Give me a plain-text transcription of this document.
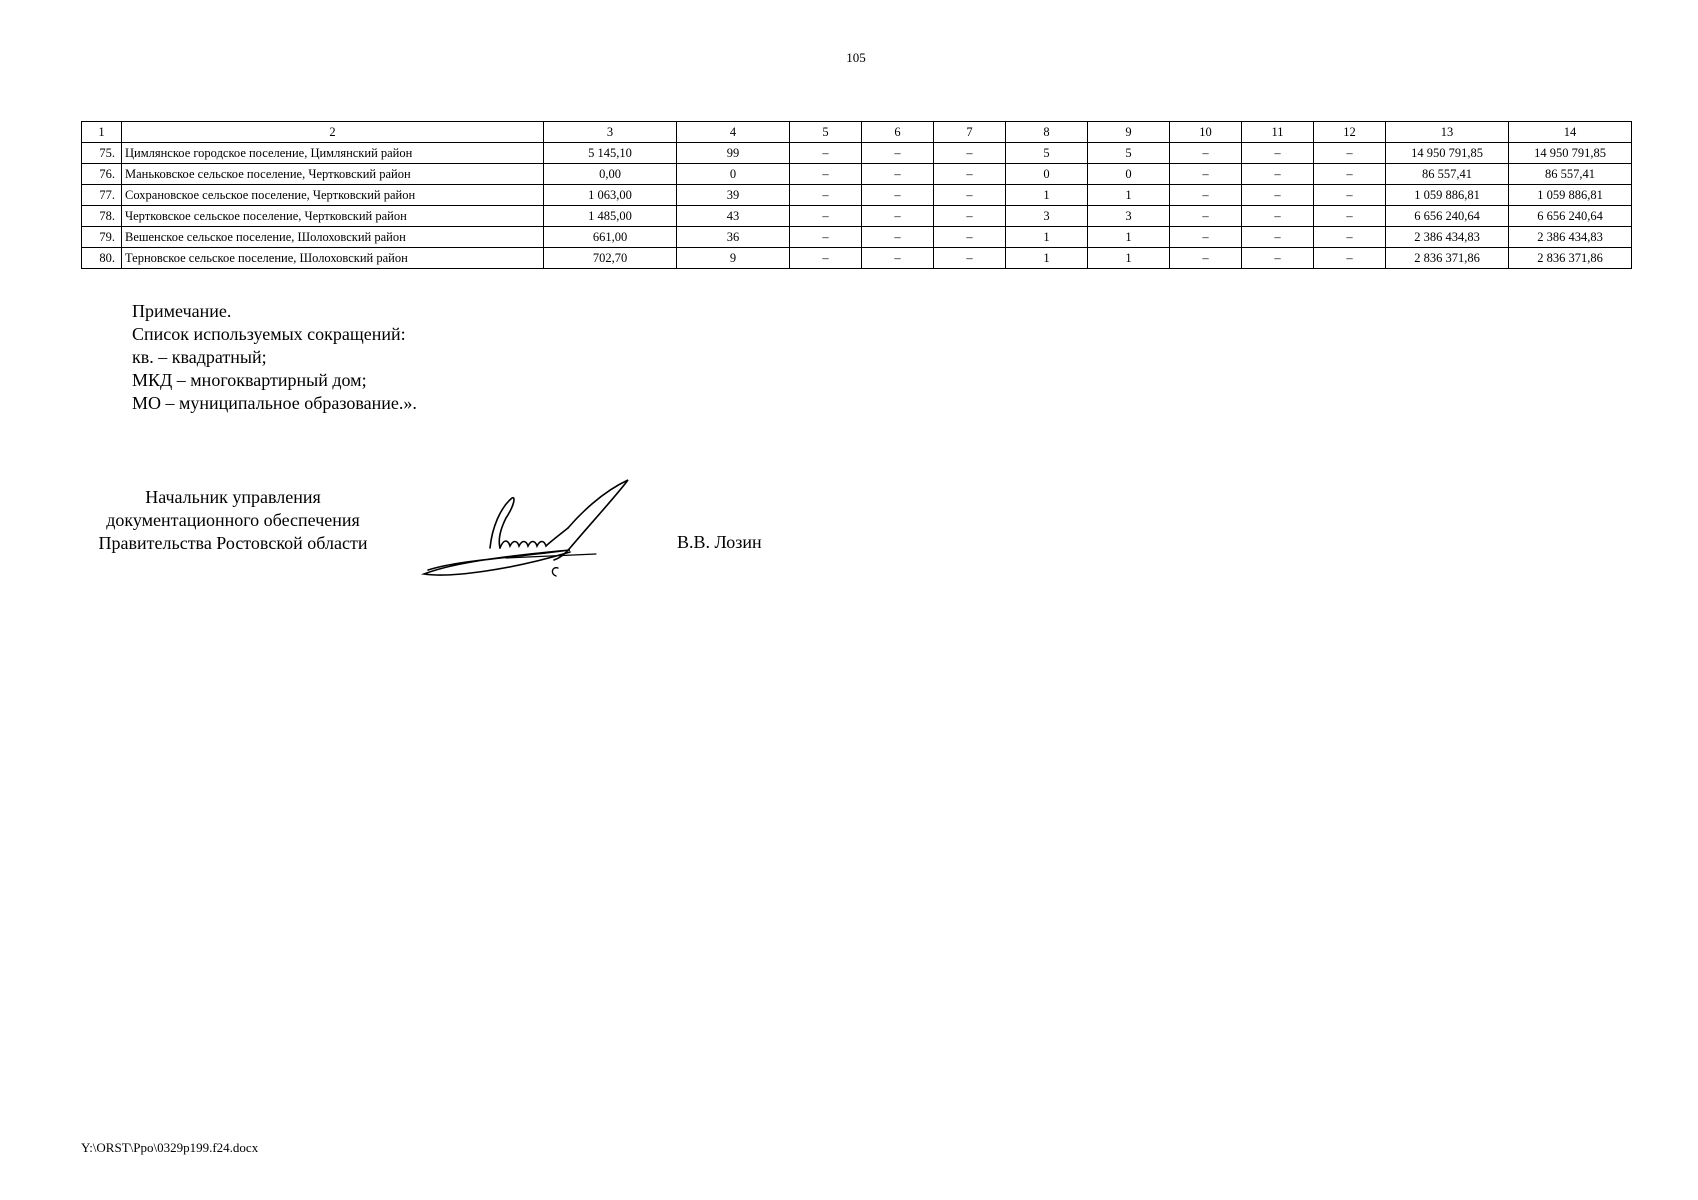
105
1	2	3	4	5	6	7	8	9	10	11	12	13	14
75.	Цимлянское городское поселение, Цимлянский район	5 145,10	99	–	–	–	5	5	–	–	–	14 950 791,85	14 950 791,85
76.	Маньковское сельское поселение, Чертковский район	0,00	0	–	–	–	0	0	–	–	–	86 557,41	86 557,41
77.	Сохрановское сельское поселение, Чертковский район	1 063,00	39	–	–	–	1	1	–	–	–	1 059 886,81	1 059 886,81
78.	Чертковское сельское поселение, Чертковский район	1 485,00	43	–	–	–	3	3	–	–	–	6 656 240,64	6 656 240,64
79.	Вешенское сельское поселение, Шолоховский район	661,00	36	–	–	–	1	1	–	–	–	2 386 434,83	2 386 434,83
80.	Терновское сельское поселение, Шолоховский район	702,70	9	–	–	–	1	1	–	–	–	2 836 371,86	2 836 371,86
Примечание.
Список используемых сокращений:
кв. – квадратный;
МКД – многоквартирный дом;
МО – муниципальное образование.».
Начальник управления
документационного обеспечения
Правительства Ростовской области	В.В. Лозин
Y:\ORST\Ppo\0329p199.f24.docx
